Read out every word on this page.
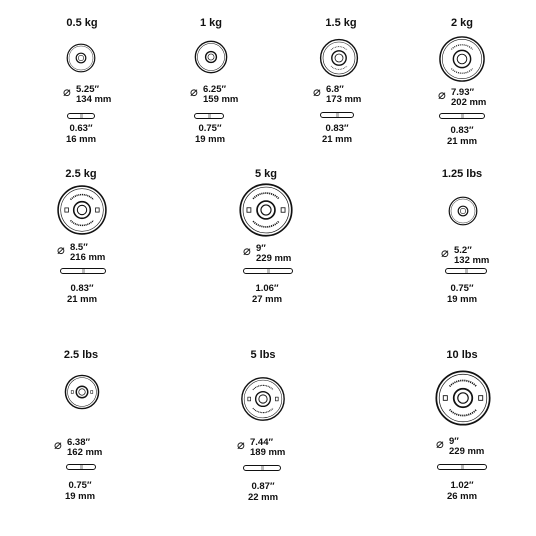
0.5 kg
⌀ 5.25″
134 mm
0.63″
16 mm
1 kg
⌀ 6.25″
159 mm
0.75″
19 mm
1.5 kg
⌀ 6.8″
173 mm
0.83″
21 mm
2 kg
⌀ 7.93″
202 mm
0.83″
21 mm
2.5 kg
⌀ 8.5″
216 mm
0.83″
21 mm
5 kg
⌀ 9″
229 mm
1.06″
27 mm
1.25 lbs
⌀ 5.2″
132 mm
0.75″
19 mm
2.5 lbs
⌀ 6.38″
162 mm
0.75″
19 mm
5 lbs
⌀ 7.44″
189 mm
0.87″
22 mm
10 lbs
⌀ 9″
229 mm
1.02″
26 mm
